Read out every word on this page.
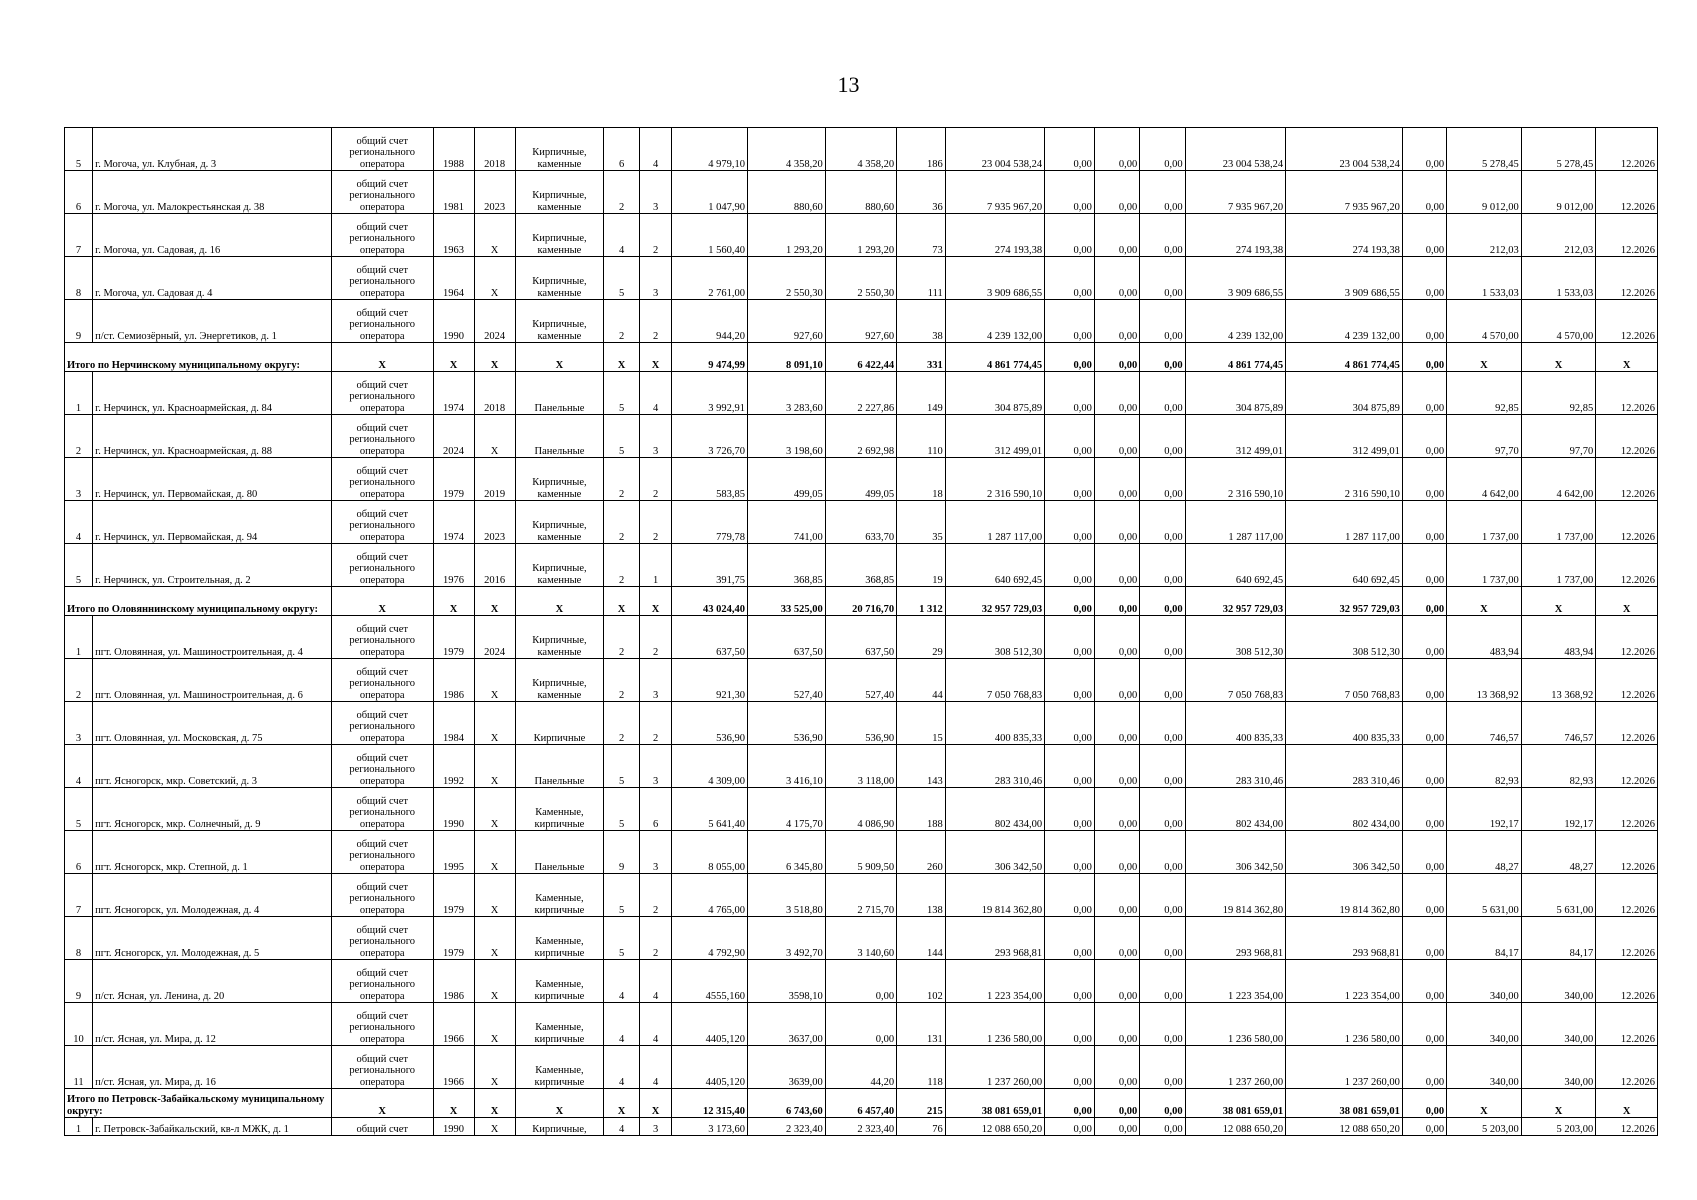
13
5	г. Могоча, ул. Клубная, д. 3	общий счет регионального оператора	1988	2018	Кирпичные, каменные	6	4	4 979,10	4 358,20	4 358,20	186	23 004 538,24	0,00	0,00	0,00	23 004 538,24	23 004 538,24	0,00	5 278,45	5 278,45	12.2026
6	г. Могоча, ул. Малокрестьянская д. 38	общий счет регионального оператора	1981	2023	Кирпичные, каменные	2	3	1 047,90	880,60	880,60	36	7 935 967,20	0,00	0,00	0,00	7 935 967,20	7 935 967,20	0,00	9 012,00	9 012,00	12.2026
7	г. Могоча, ул. Садовая, д. 16	общий счет регионального оператора	1963	Х	Кирпичные, каменные	4	2	1 560,40	1 293,20	1 293,20	73	274 193,38	0,00	0,00	0,00	274 193,38	274 193,38	0,00	212,03	212,03	12.2026
8	г. Могоча, ул. Садовая д. 4	общий счет регионального оператора	1964	Х	Кирпичные, каменные	5	3	2 761,00	2 550,30	2 550,30	111	3 909 686,55	0,00	0,00	0,00	3 909 686,55	3 909 686,55	0,00	1 533,03	1 533,03	12.2026
9	п/ст. Семиозёрный, ул. Энергетиков, д. 1	общий счет регионального оператора	1990	2024	Кирпичные, каменные	2	2	944,20	927,60	927,60	38	4 239 132,00	0,00	0,00	0,00	4 239 132,00	4 239 132,00	0,00	4 570,00	4 570,00	12.2026
Итого по Нерчинскому муниципальному округу:		Х	Х	Х	Х	Х	Х	9 474,99	8 091,10	6 422,44	331	4 861 774,45	0,00	0,00	0,00	4 861 774,45	4 861 774,45	0,00	Х	Х	Х
1	г. Нерчинск, ул. Красноармейская, д. 84	общий счет регионального оператора	1974	2018	Панельные	5	4	3 992,91	3 283,60	2 227,86	149	304 875,89	0,00	0,00	0,00	304 875,89	304 875,89	0,00	92,85	92,85	12.2026
2	г. Нерчинск, ул. Красноармейская, д. 88	общий счет регионального оператора	2024	Х	Панельные	5	3	3 726,70	3 198,60	2 692,98	110	312 499,01	0,00	0,00	0,00	312 499,01	312 499,01	0,00	97,70	97,70	12.2026
3	г. Нерчинск, ул. Первомайская, д. 80	общий счет регионального оператора	1979	2019	Кирпичные, каменные	2	2	583,85	499,05	499,05	18	2 316 590,10	0,00	0,00	0,00	2 316 590,10	2 316 590,10	0,00	4 642,00	4 642,00	12.2026
4	г. Нерчинск, ул. Первомайская, д. 94	общий счет регионального оператора	1974	2023	Кирпичные, каменные	2	2	779,78	741,00	633,70	35	1 287 117,00	0,00	0,00	0,00	1 287 117,00	1 287 117,00	0,00	1 737,00	1 737,00	12.2026
5	г. Нерчинск, ул. Строительная, д. 2	общий счет регионального оператора	1976	2016	Кирпичные, каменные	2	1	391,75	368,85	368,85	19	640 692,45	0,00	0,00	0,00	640 692,45	640 692,45	0,00	1 737,00	1 737,00	12.2026
Итого по Оловяннинскому муниципальному округу:		Х	Х	Х	Х	Х	Х	43 024,40	33 525,00	20 716,70	1 312	32 957 729,03	0,00	0,00	0,00	32 957 729,03	32 957 729,03	0,00	Х	Х	Х
1	пгт. Оловянная, ул. Машиностроительная, д. 4	общий счет регионального оператора	1979	2024	Кирпичные, каменные	2	2	637,50	637,50	637,50	29	308 512,30	0,00	0,00	0,00	308 512,30	308 512,30	0,00	483,94	483,94	12.2026
2	пгт. Оловянная, ул. Машиностроительная, д. 6	общий счет регионального оператора	1986	Х	Кирпичные, каменные	2	3	921,30	527,40	527,40	44	7 050 768,83	0,00	0,00	0,00	7 050 768,83	7 050 768,83	0,00	13 368,92	13 368,92	12.2026
3	пгт. Оловянная, ул. Московская, д. 75	общий счет регионального оператора	1984	Х	Кирпичные	2	2	536,90	536,90	536,90	15	400 835,33	0,00	0,00	0,00	400 835,33	400 835,33	0,00	746,57	746,57	12.2026
4	пгт. Ясногорск, мкр. Советский, д. 3	общий счет регионального оператора	1992	Х	Панельные	5	3	4 309,00	3 416,10	3 118,00	143	283 310,46	0,00	0,00	0,00	283 310,46	283 310,46	0,00	82,93	82,93	12.2026
5	пгт. Ясногорск, мкр. Солнечный, д. 9	общий счет регионального оператора	1990	Х	Каменные, кирпичные	5	6	5 641,40	4 175,70	4 086,90	188	802 434,00	0,00	0,00	0,00	802 434,00	802 434,00	0,00	192,17	192,17	12.2026
6	пгт. Ясногорск, мкр. Степной, д. 1	общий счет регионального оператора	1995	Х	Панельные	9	3	8 055,00	6 345,80	5 909,50	260	306 342,50	0,00	0,00	0,00	306 342,50	306 342,50	0,00	48,27	48,27	12.2026
7	пгт. Ясногорск, ул. Молодежная, д. 4	общий счет регионального оператора	1979	Х	Каменные, кирпичные	5	2	4 765,00	3 518,80	2 715,70	138	19 814 362,80	0,00	0,00	0,00	19 814 362,80	19 814 362,80	0,00	5 631,00	5 631,00	12.2026
8	пгт. Ясногорск, ул. Молодежная, д. 5	общий счет регионального оператора	1979	Х	Каменные, кирпичные	5	2	4 792,90	3 492,70	3 140,60	144	293 968,81	0,00	0,00	0,00	293 968,81	293 968,81	0,00	84,17	84,17	12.2026
9	п/ст. Ясная, ул. Ленина, д. 20	общий счет регионального оператора	1986	Х	Каменные, кирпичные	4	4	4555,160	3598,10	0,00	102	1 223 354,00	0,00	0,00	0,00	1 223 354,00	1 223 354,00	0,00	340,00	340,00	12.2026
10	п/ст. Ясная, ул. Мира, д. 12	общий счет регионального оператора	1966	Х	Каменные, кирпичные	4	4	4405,120	3637,00	0,00	131	1 236 580,00	0,00	0,00	0,00	1 236 580,00	1 236 580,00	0,00	340,00	340,00	12.2026
11	п/ст. Ясная, ул. Мира, д. 16	общий счет регионального оператора	1966	Х	Каменные, кирпичные	4	4	4405,120	3639,00	44,20	118	1 237 260,00	0,00	0,00	0,00	1 237 260,00	1 237 260,00	0,00	340,00	340,00	12.2026
Итого по Петровск-Забайкальскому муниципальному округу:		Х	Х	Х	Х	Х	Х	12 315,40	6 743,60	6 457,40	215	38 081 659,01	0,00	0,00	0,00	38 081 659,01	38 081 659,01	0,00	Х	Х	Х
1	г. Петровск-Забайкальский, кв-л МЖК, д. 1	общий счет	1990	Х	Кирпичные,	4	3	3 173,60	2 323,40	2 323,40	76	12 088 650,20	0,00	0,00	0,00	12 088 650,20	12 088 650,20	0,00	5 203,00	5 203,00	12.2026
